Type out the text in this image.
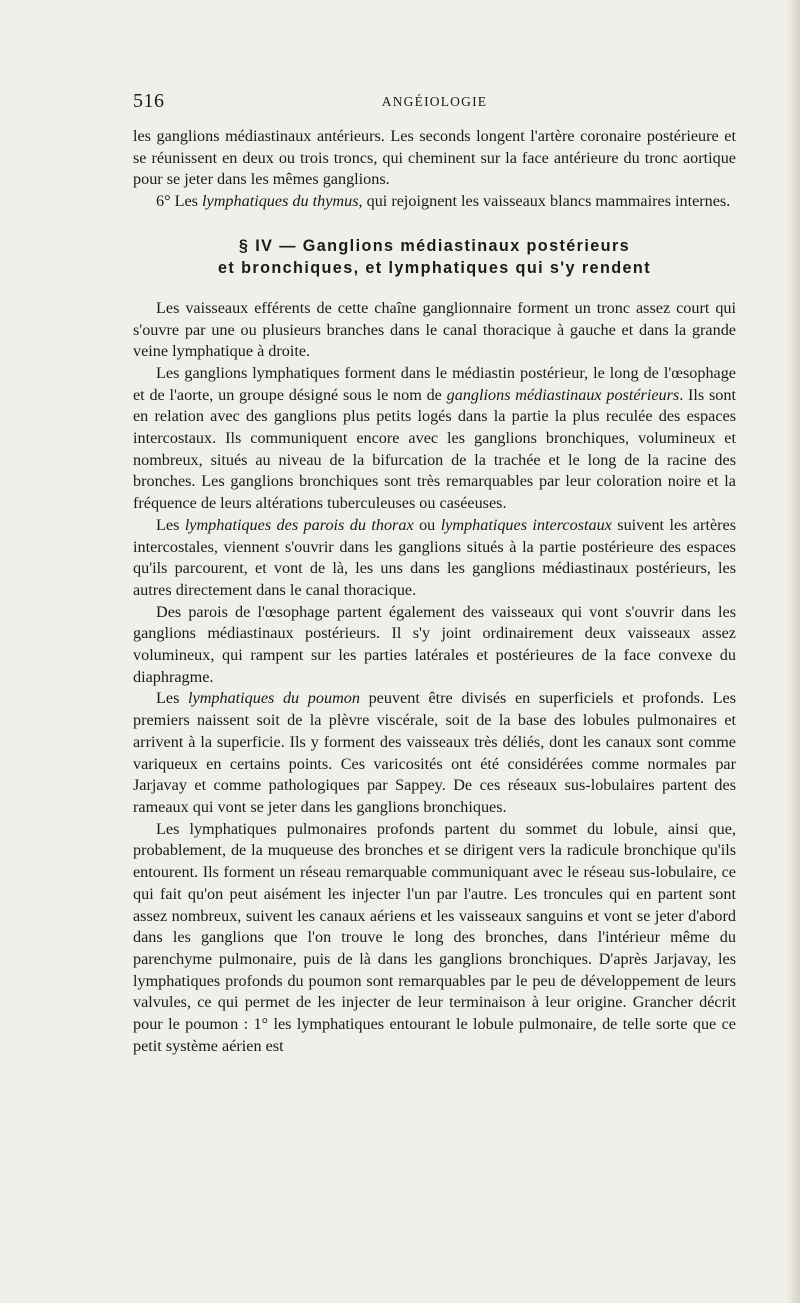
516	ANGÉIOLOGIE

les ganglions médiastinaux antérieurs. Les seconds longent l'artère coronaire postérieure et se réunissent en deux ou trois troncs, qui cheminent sur la face antérieure du tronc aortique pour se jeter dans les mêmes ganglions.

6° Les lymphatiques du thymus, qui rejoignent les vaisseaux blancs mammaires internes.

§ IV — Ganglions médiastinaux postérieurs
et bronchiques, et lymphatiques qui s'y rendent

Les vaisseaux efférents de cette chaîne ganglionnaire forment un tronc assez court qui s'ouvre par une ou plusieurs branches dans le canal thoracique à gauche et dans la grande veine lymphatique à droite.

Les ganglions lymphatiques forment dans le médiastin postérieur, le long de l'œsophage et de l'aorte, un groupe désigné sous le nom de ganglions médiastinaux postérieurs. Ils sont en relation avec des ganglions plus petits logés dans la partie la plus reculée des espaces intercostaux. Ils communiquent encore avec les ganglions bronchiques, volumineux et nombreux, situés au niveau de la bifurcation de la trachée et le long de la racine des bronches. Les ganglions bronchiques sont très remarquables par leur coloration noire et la fréquence de leurs altérations tuberculeuses ou caséeuses.

Les lymphatiques des parois du thorax ou lymphatiques intercostaux suivent les artères intercostales, viennent s'ouvrir dans les ganglions situés à la partie postérieure des espaces qu'ils parcourent, et vont de là, les uns dans les ganglions médiastinaux postérieurs, les autres directement dans le canal thoracique.

Des parois de l'œsophage partent également des vaisseaux qui vont s'ouvrir dans les ganglions médiastinaux postérieurs. Il s'y joint ordinairement deux vaisseaux assez volumineux, qui rampent sur les parties latérales et postérieures de la face convexe du diaphragme.

Les lymphatiques du poumon peuvent être divisés en superficiels et profonds. Les premiers naissent soit de la plèvre viscérale, soit de la base des lobules pulmonaires et arrivent à la superficie. Ils y forment des vaisseaux très déliés, dont les canaux sont comme variqueux en certains points. Ces varicosités ont été considérées comme normales par Jarjavay et comme pathologiques par Sappey. De ces réseaux sus-lobulaires partent des rameaux qui vont se jeter dans les ganglions bronchiques.

Les lymphatiques pulmonaires profonds partent du sommet du lobule, ainsi que, probablement, de la muqueuse des bronches et se dirigent vers la radicule bronchique qu'ils entourent. Ils forment un réseau remarquable communiquant avec le réseau sus-lobulaire, ce qui fait qu'on peut aisément les injecter l'un par l'autre. Les troncules qui en partent sont assez nombreux, suivent les canaux aériens et les vaisseaux sanguins et vont se jeter d'abord dans les ganglions que l'on trouve le long des bronches, dans l'intérieur même du parenchyme pulmonaire, puis de là dans les ganglions bronchiques. D'après Jarjavay, les lymphatiques profonds du poumon sont remarquables par le peu de développement de leurs valvules, ce qui permet de les injecter de leur terminaison à leur origine. Grancher décrit pour le poumon : 1° les lymphatiques entourant le lobule pulmonaire, de telle sorte que ce petit système aérien est
